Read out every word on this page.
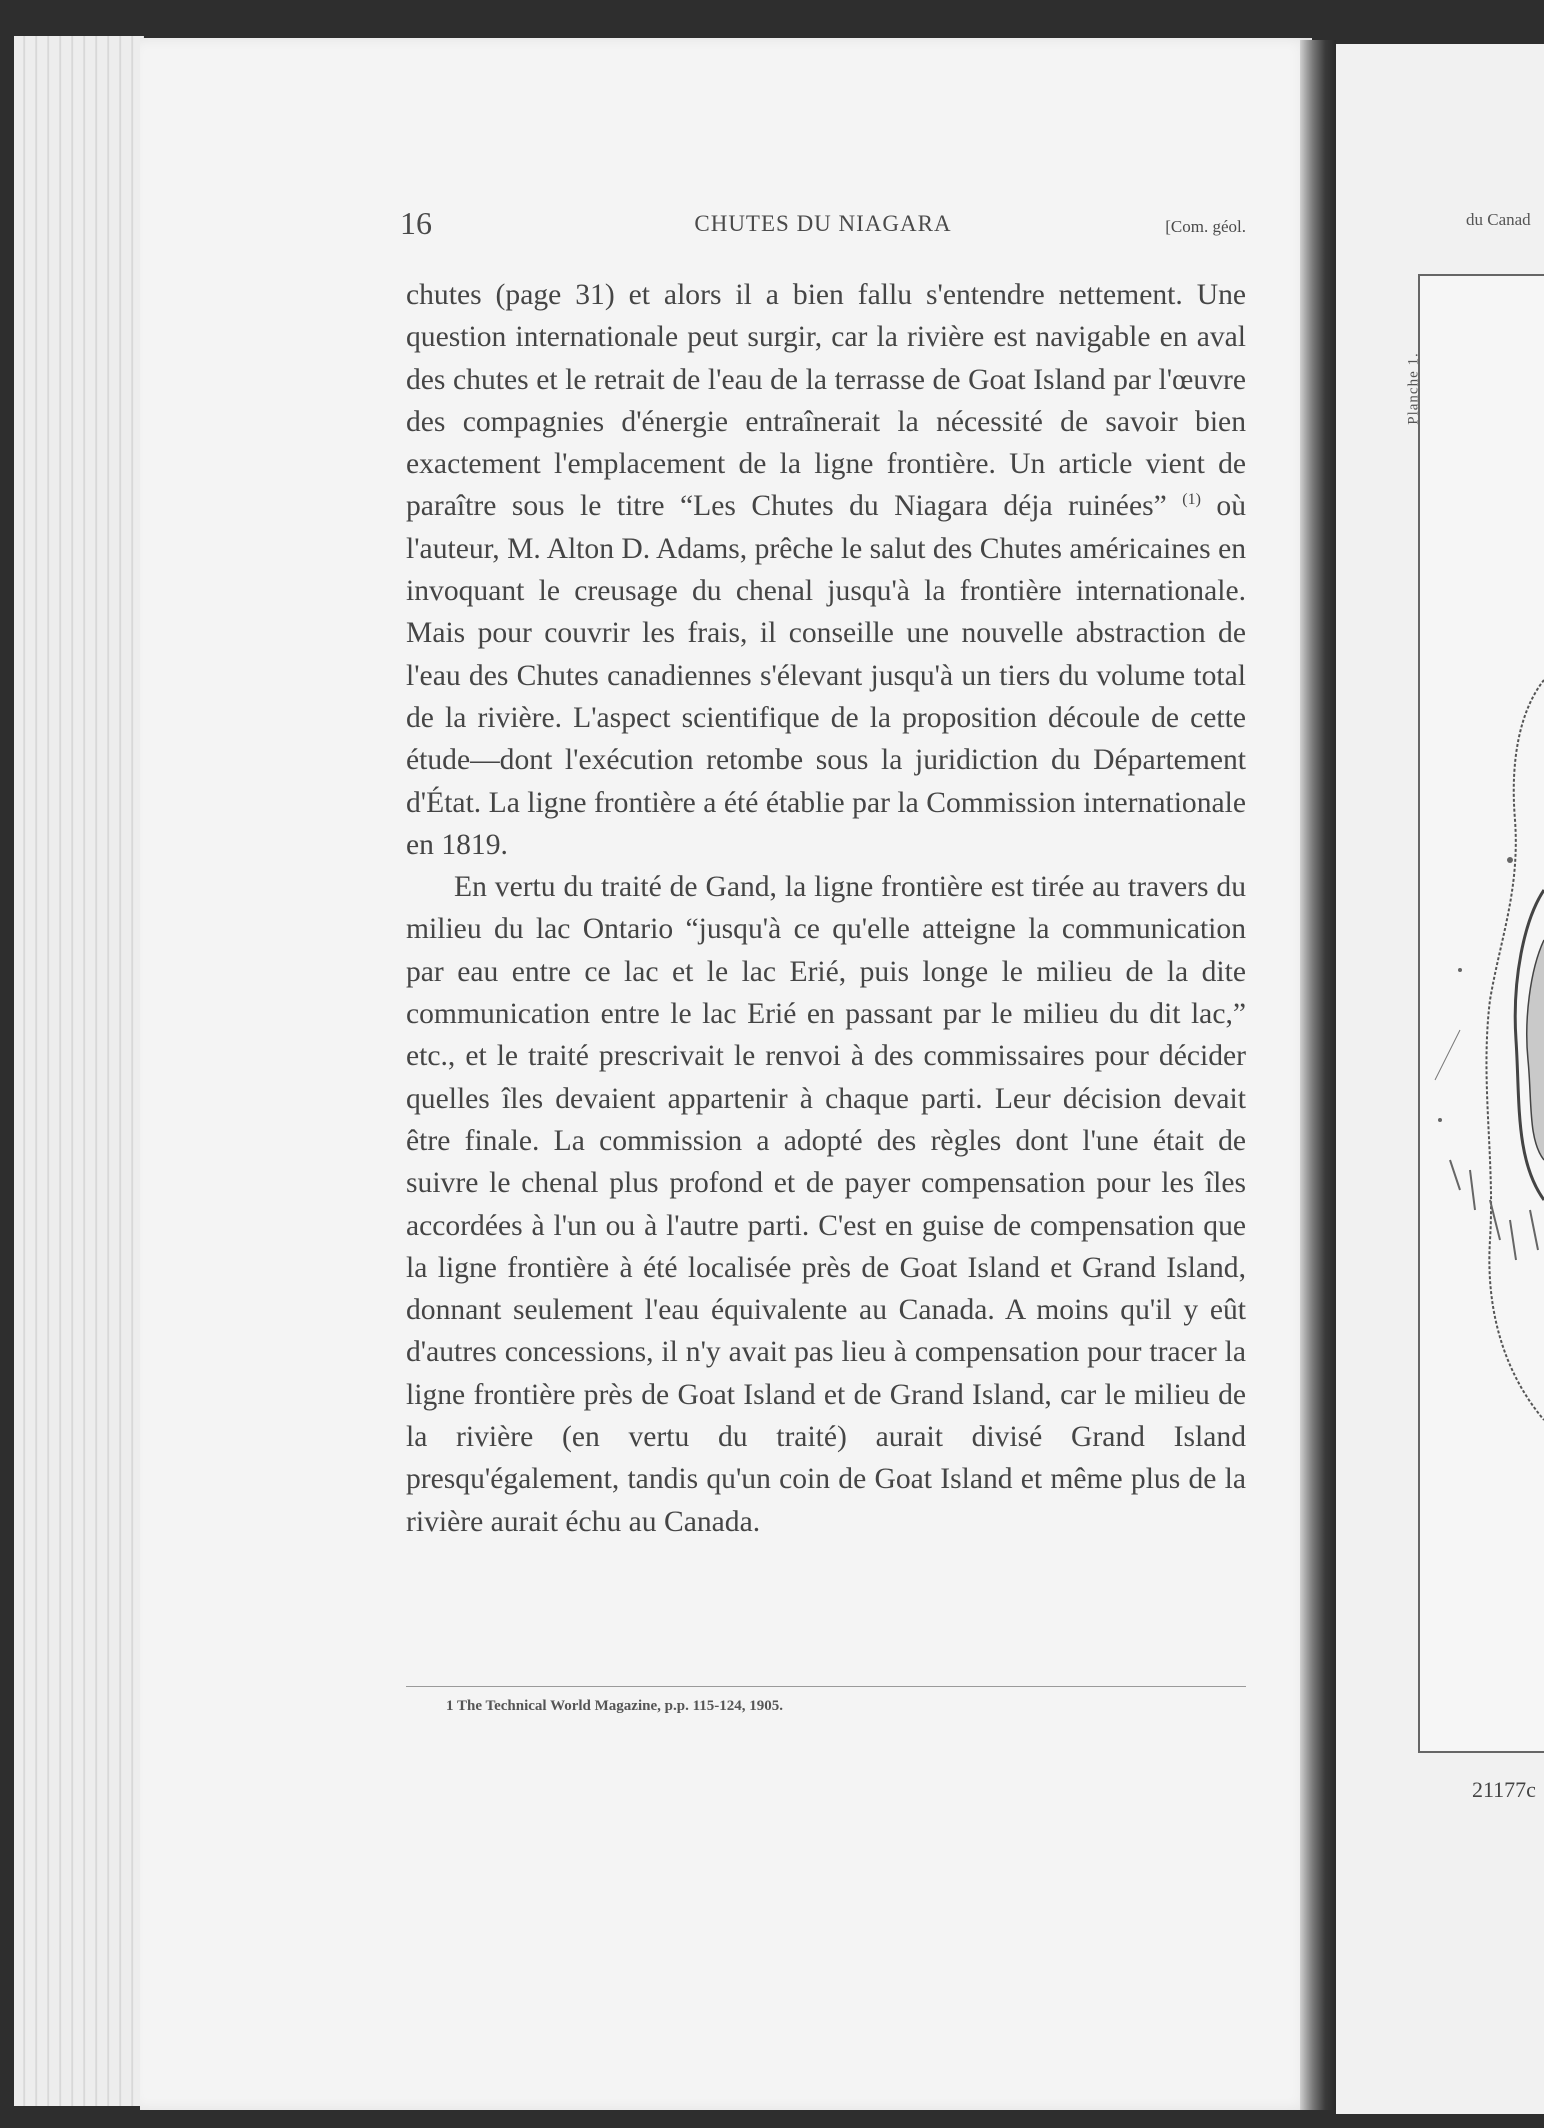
16	CHUTES DU NIAGARA	[Com. géol.

chutes (page 31) et alors il a bien fallu s'entendre nettement. Une question internationale peut surgir, car la rivière est navigable en aval des chutes et le retrait de l'eau de la terrasse de Goat Island par l'œuvre des compagnies d'énergie entraînerait la nécessité de savoir bien exactement l'emplacement de la ligne frontière. Un article vient de paraître sous le titre “Les Chutes du Niagara déja ruinées” $^{(1)}$ où l'auteur, M. Alton D. Adams, prêche le salut des Chutes américaines en invoquant le creusage du chenal jusqu'à la frontière internationale. Mais pour couvrir les frais, il conseille une nouvelle abstraction de l'eau des Chutes canadiennes s'élevant jusqu'à un tiers du volume total de la rivière. L'aspect scientifique de la proposition découle de cette étude—dont l'exécution retombe sous la juridiction du Département d'État. La ligne frontière a été établie par la Commission internationale en 1819.

En vertu du traité de Gand, la ligne frontière est tirée au travers du milieu du lac Ontario “jusqu'à ce qu'elle atteigne la communication par eau entre ce lac et le lac Erié, puis longe le milieu de la dite communication entre le lac Erié en passant par le milieu du dit lac,” etc., et le traité prescrivait le renvoi à des commissaires pour décider quelles îles devaient appartenir à chaque parti. Leur décision devait être finale. La commission a adopté des règles dont l'une était de suivre le chenal plus profond et de payer compensation pour les îles accordées à l'un ou à l'autre parti. C'est en guise de compensation que la ligne frontière à été localisée près de Goat Island et Grand Island, donnant seulement l'eau équivalente au Canada. A moins qu'il y eût d'autres concessions, il n'y avait pas lieu à compensation pour tracer la ligne frontière près de Goat Island et de Grand Island, car le milieu de la rivière (en vertu du traité) aurait divisé Grand Island presqu'également, tandis qu'un coin de Goat Island et même plus de la rivière aurait échu au Canada.

1 The Technical World Magazine, p.p. 115-124, 1905.
du Canad
Planche 1.
21177c
